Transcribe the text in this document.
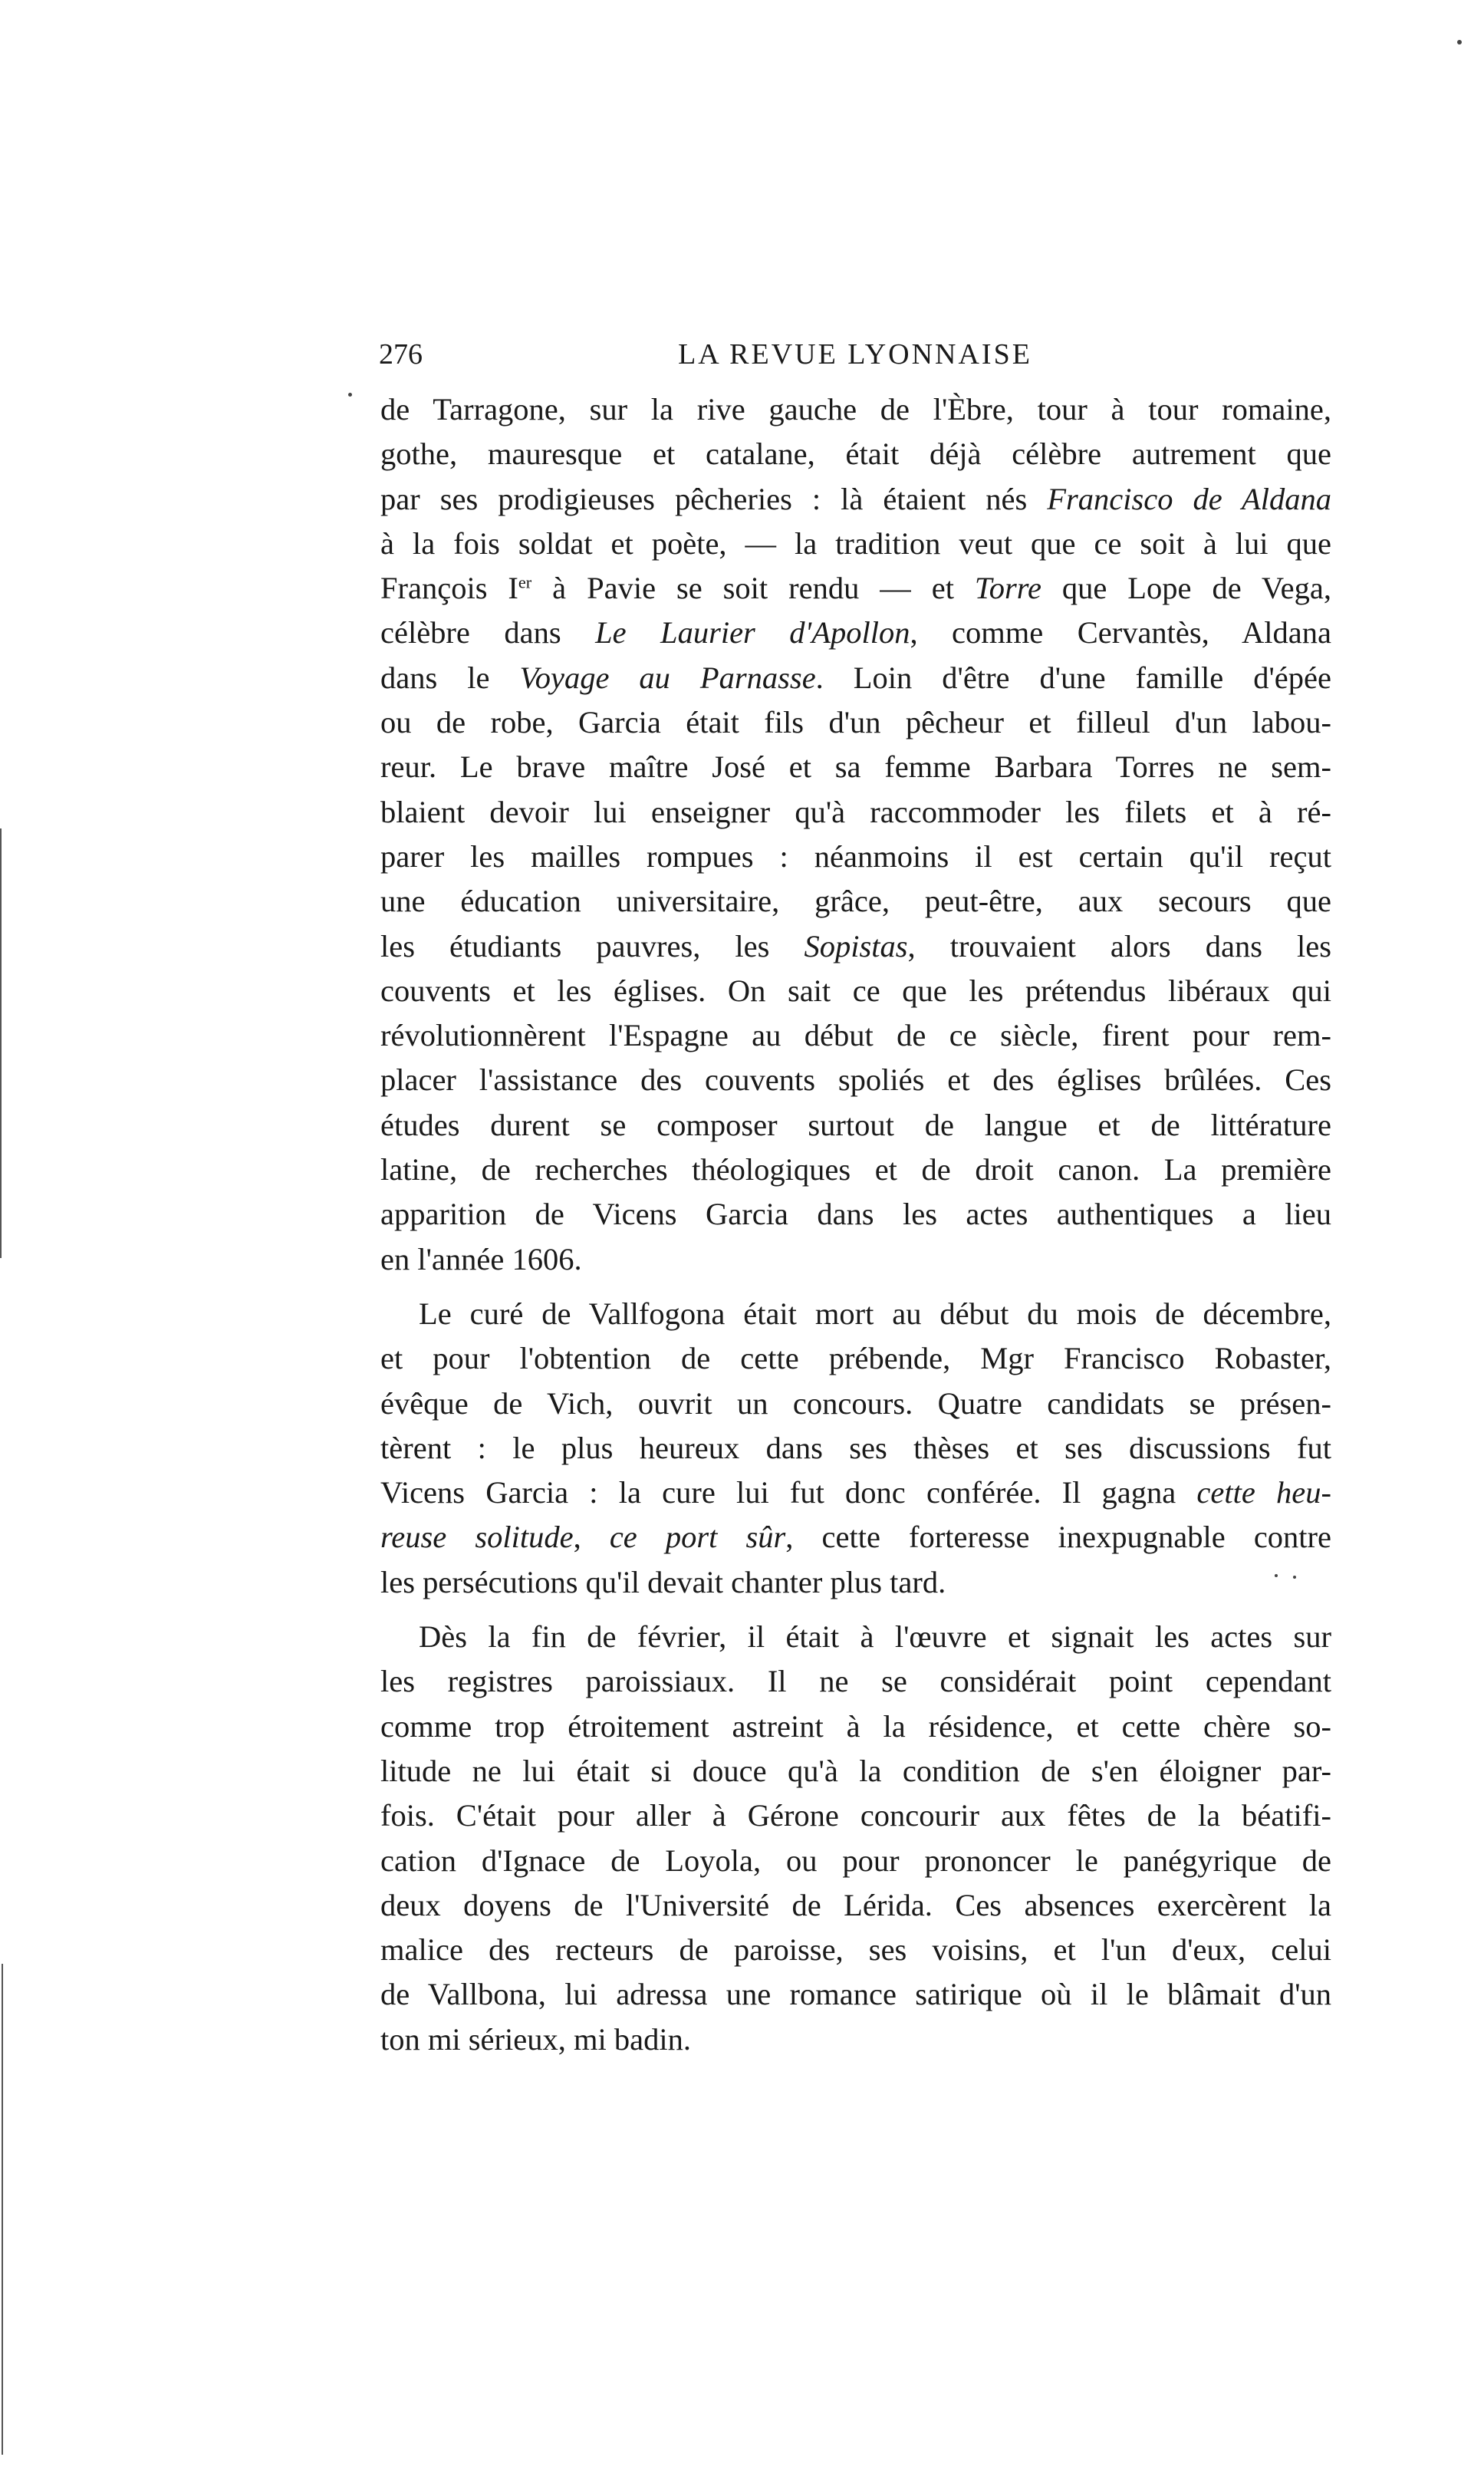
276	LA REVUE LYONNAISE
de Tarragone, sur la rive gauche de l'Èbre, tour à tour romaine,
gothe, mauresque et catalane, était déjà célèbre autrement que
par ses prodigieuses pêcheries : là étaient nés Francisco de Aldana
à la fois soldat et poète, — la tradition veut que ce soit à lui que
François Ier à Pavie se soit rendu — et Torre que Lope de Vega,
célèbre dans Le Laurier d'Apollon, comme Cervantès, Aldana
dans le Voyage au Parnasse. Loin d'être d'une famille d'épée
ou de robe, Garcia était fils d'un pêcheur et filleul d'un labou-
reur. Le brave maître José et sa femme Barbara Torres ne sem-
blaient devoir lui enseigner qu'à raccommoder les filets et à ré-
parer les mailles rompues : néanmoins il est certain qu'il reçut
une éducation universitaire, grâce, peut-être, aux secours que
les étudiants pauvres, les Sopistas, trouvaient alors dans les
couvents et les églises. On sait ce que les prétendus libéraux qui
révolutionnèrent l'Espagne au début de ce siècle, firent pour rem-
placer l'assistance des couvents spoliés et des églises brûlées. Ces
études durent se composer surtout de langue et de littérature
latine, de recherches théologiques et de droit canon. La première
apparition de Vicens Garcia dans les actes authentiques a lieu
en l'année 1606.
Le curé de Vallfogona était mort au début du mois de décembre,
et pour l'obtention de cette prébende, Mgr Francisco Robaster,
évêque de Vich, ouvrit un concours. Quatre candidats se présen-
tèrent : le plus heureux dans ses thèses et ses discussions fut
Vicens Garcia : la cure lui fut donc conférée. Il gagna cette heu-
reuse solitude, ce port sûr, cette forteresse inexpugnable contre
les persécutions qu'il devait chanter plus tard.
Dès la fin de février, il était à l'œuvre et signait les actes sur
les registres paroissiaux. Il ne se considérait point cependant
comme trop étroitement astreint à la résidence, et cette chère so-
litude ne lui était si douce qu'à la condition de s'en éloigner par-
fois. C'était pour aller à Gérone concourir aux fêtes de la béatifi-
cation d'Ignace de Loyola, ou pour prononcer le panégyrique de
deux doyens de l'Université de Lérida. Ces absences exercèrent la
malice des recteurs de paroisse, ses voisins, et l'un d'eux, celui
de Vallbona, lui adressa une romance satirique où il le blâmait d'un
ton mi sérieux, mi badin.
